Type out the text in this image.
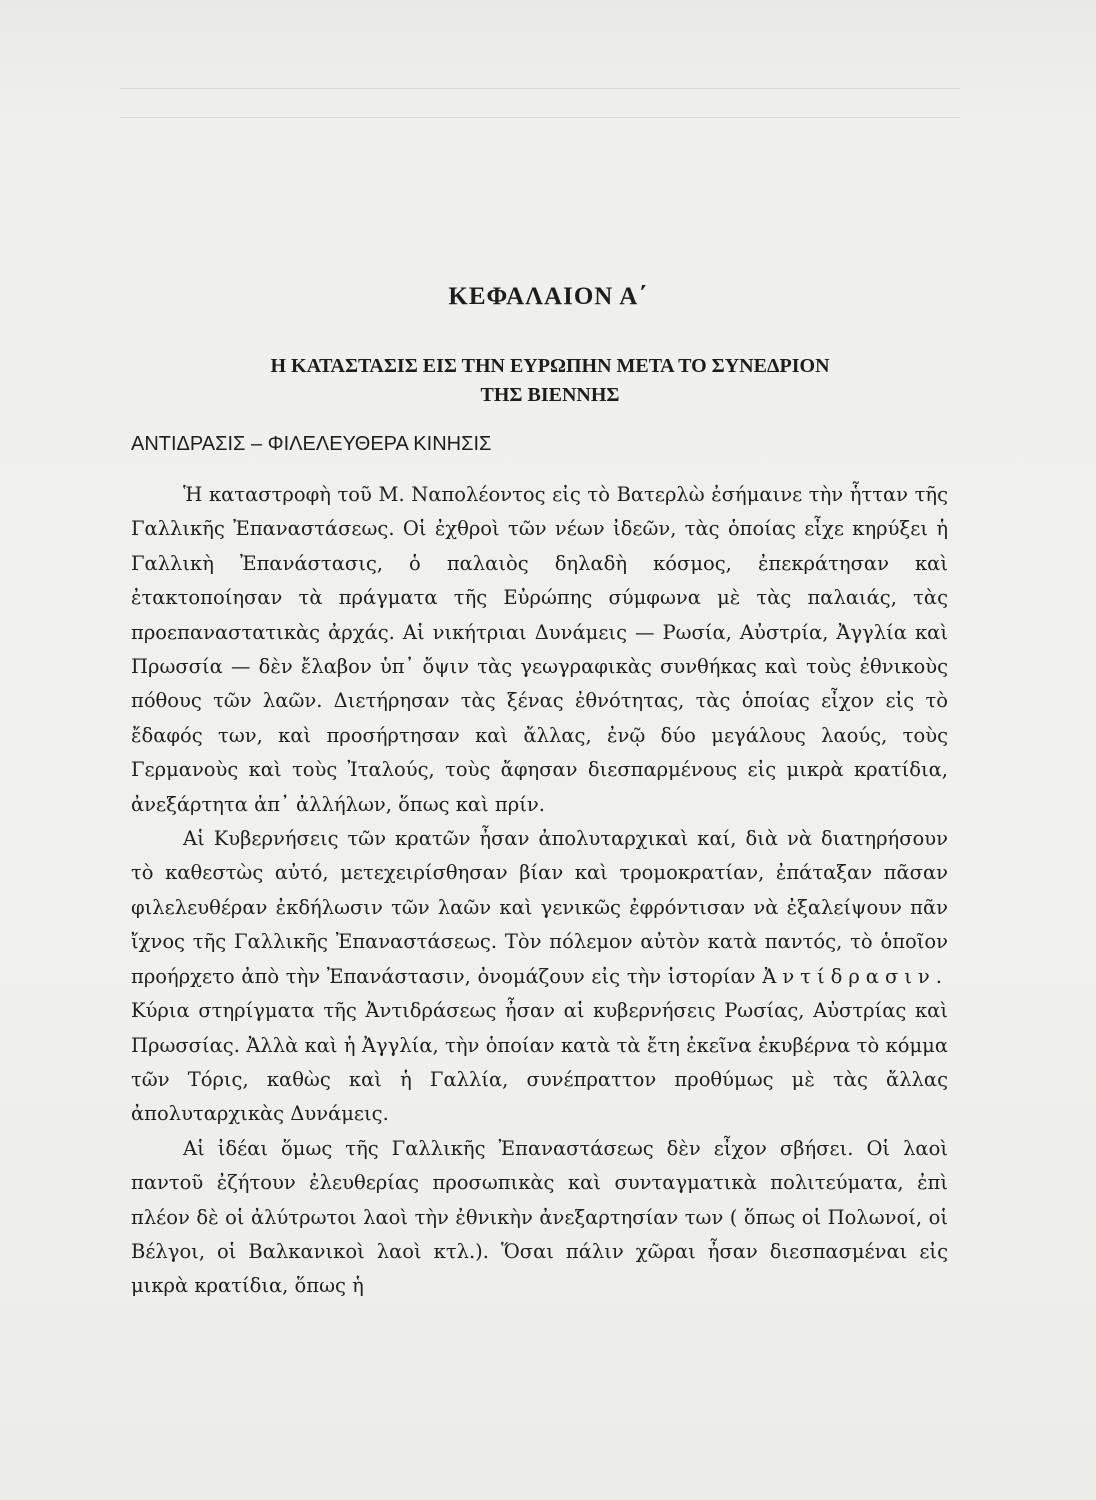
ΚΕΦΑΛΑΙΟΝ Α΄
Η ΚΑΤΑΣΤΑΣΙΣ ΕΙΣ ΤΗΝ ΕΥΡΩΠΗΝ ΜΕΤΑ ΤΟ ΣΥΝΕΔΡΙΟΝ
ΤΗΣ ΒΙΕΝΝΗΣ
ΑΝΤΙΔΡΑΣΙΣ – ΦΙΛΕΛΕΥΘΕΡΑ ΚΙΝΗΣΙΣ

Ἡ καταστροφὴ τοῦ Μ. Ναπολέοντος εἰς τὸ Βατερλὼ ἐσήμαινε τὴν ἧτταν τῆς Γαλλικῆς Ἐπαναστάσεως. Οἱ ἐχθροὶ τῶν νέων ἰδεῶν, τὰς ὁποίας εἶχε κηρύξει ἡ Γαλλικὴ Ἐπανάστασις, ὁ παλαιὸς δηλαδὴ κόσμος, ἐπεκράτησαν καὶ ἐτακτοποίησαν τὰ πράγματα τῆς Εὐρώπης σύμφωνα μὲ τὰς παλαιάς, τὰς προεπαναστατικὰς ἀρχάς. Αἱ νικήτριαι Δυνάμεις — Ρωσία, Αὐστρία, Ἀγγλία καὶ Πρωσσία — δὲν ἔλαβον ὑπ᾿ ὄψιν τὰς γεωγραφικὰς συνθήκας καὶ τοὺς ἐθνικοὺς πόθους τῶν λαῶν. Διετήρησαν τὰς ξένας ἐθνότητας, τὰς ὁποίας εἶχον εἰς τὸ ἔδαφός των, καὶ προσήρτησαν καὶ ἄλλας, ἐνῷ δύο μεγάλους λαούς, τοὺς Γερμανοὺς καὶ τοὺς Ἰταλούς, τοὺς ἄφησαν διεσπαρμένους εἰς μικρὰ κρατίδια, ἀνεξάρτητα ἀπ᾿ ἀλλήλων, ὅπως καὶ πρίν.

Αἱ Κυβερνήσεις τῶν κρατῶν ἦσαν ἀπολυταρχικαὶ καί, διὰ νὰ διατηρήσουν τὸ καθεστὼς αὐτό, μετεχειρίσθησαν βίαν καὶ τρομοκρατίαν, ἐπάταξαν πᾶσαν φιλελευθέραν ἐκδήλωσιν τῶν λαῶν καὶ γενικῶς ἐφρόντισαν νὰ ἐξαλείψουν πᾶν ἴχνος τῆς Γαλλικῆς Ἐπαναστάσεως. Τὸν πόλεμον αὐτὸν κατὰ παντός, τὸ ὁποῖον προήρχετο ἀπὸ τὴν Ἐπανάστασιν, ὀνομάζουν εἰς τὴν ἱστορίαν Ἀντίδρασιν. Κύρια στηρίγματα τῆς Ἀντιδράσεως ἦσαν αἱ κυβερνήσεις Ρωσίας, Αὐστρίας καὶ Πρωσσίας. Ἀλλὰ καὶ ἡ Ἀγγλία, τὴν ὁποίαν κατὰ τὰ ἔτη ἐκεῖνα ἐκυβέρνα τὸ κόμμα τῶν Τόρις, καθὼς καὶ ἡ Γαλλία, συνέπραττον προθύμως μὲ τὰς ἄλλας ἀπολυταρχικὰς Δυνάμεις.

Αἱ ἰδέαι ὅμως τῆς Γαλλικῆς Ἐπαναστάσεως δὲν εἶχον σβήσει. Οἱ λαοὶ παντοῦ ἐζήτουν ἐλευθερίας προσωπικὰς καὶ συνταγματικὰ πολιτεύματα, ἐπὶ πλέον δὲ οἱ ἀλύτρωτοι λαοὶ τὴν ἐθνικὴν ἀνεξαρτησίαν των ( ὅπως οἱ Πολωνοί, οἱ Βέλγοι, οἱ Βαλκανικοὶ λαοὶ κτλ.). Ὅσαι πάλιν χῶραι ἦσαν διεσπασμέναι εἰς μικρὰ κρατίδια, ὅπως ἡ
